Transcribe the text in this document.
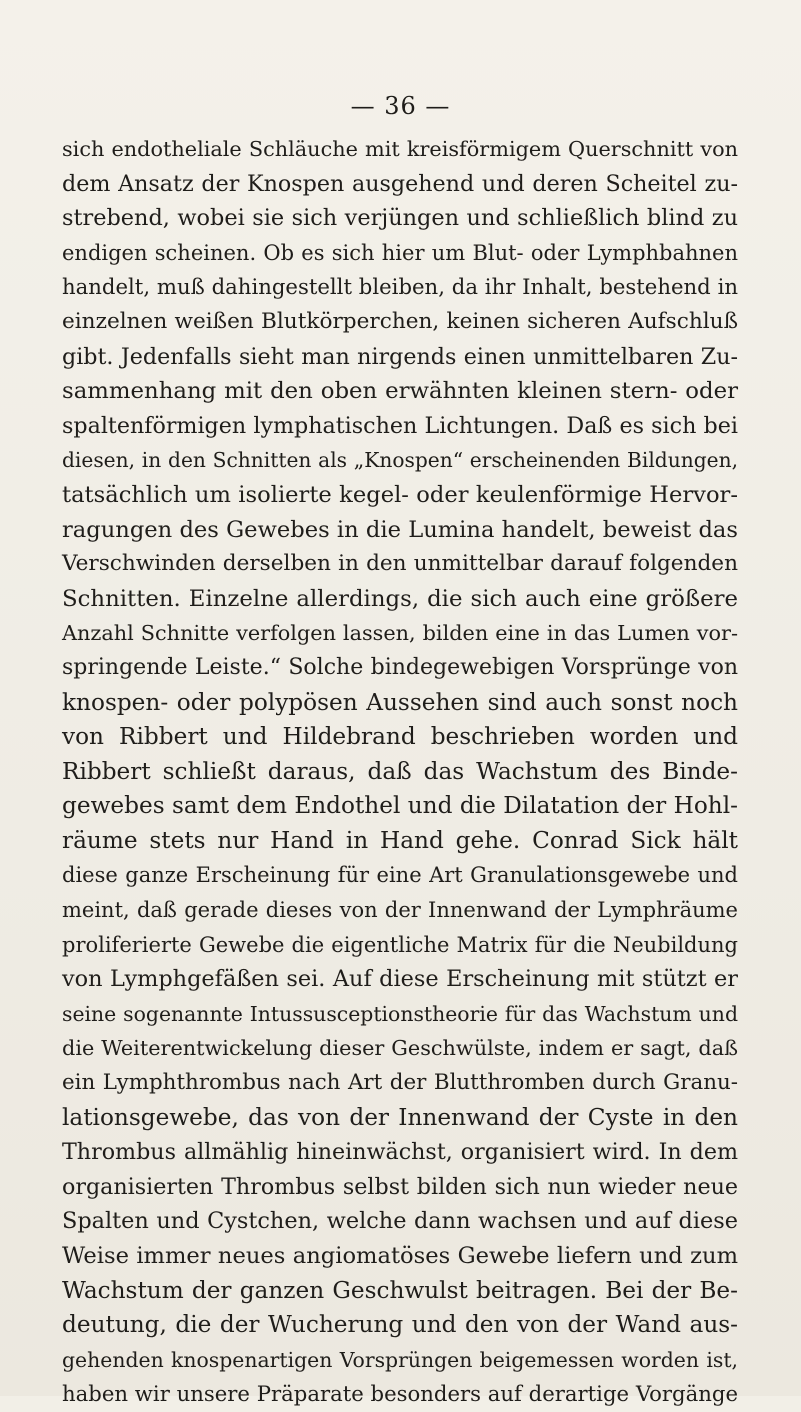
— 36 —
sich endotheliale Schläuche mit kreisförmigem Querschnitt von
dem Ansatz der Knospen ausgehend und deren Scheitel zu-
strebend, wobei sie sich verjüngen und schließlich blind zu
endigen scheinen. Ob es sich hier um Blut- oder Lymphbahnen
handelt, muß dahingestellt bleiben, da ihr Inhalt, bestehend in
einzelnen weißen Blutkörperchen, keinen sicheren Aufschluß
gibt. Jedenfalls sieht man nirgends einen unmittelbaren Zu-
sammenhang mit den oben erwähnten kleinen stern- oder
spaltenförmigen lymphatischen Lichtungen. Daß es sich bei
diesen, in den Schnitten als „Knospen“ erscheinenden Bildungen,
tatsächlich um isolierte kegel- oder keulenförmige Hervor-
ragungen des Gewebes in die Lumina handelt, beweist das
Verschwinden derselben in den unmittelbar darauf folgenden
Schnitten. Einzelne allerdings, die sich auch eine größere
Anzahl Schnitte verfolgen lassen, bilden eine in das Lumen vor-
springende Leiste.“ Solche bindegewebigen Vorsprünge von
knospen- oder polypösen Aussehen sind auch sonst noch
von Ribbert und Hildebrand beschrieben worden und
Ribbert schließt daraus, daß das Wachstum des Binde-
gewebes samt dem Endothel und die Dilatation der Hohl-
räume stets nur Hand in Hand gehe. Conrad Sick hält
diese ganze Erscheinung für eine Art Granulationsgewebe und
meint, daß gerade dieses von der Innenwand der Lymphräume
proliferierte Gewebe die eigentliche Matrix für die Neubildung
von Lymphgefäßen sei. Auf diese Erscheinung mit stützt er
seine sogenannte Intussusceptionstheorie für das Wachstum und
die Weiterentwickelung dieser Geschwülste, indem er sagt, daß
ein Lymphthrombus nach Art der Blutthromben durch Granu-
lationsgewebe, das von der Innenwand der Cyste in den
Thrombus allmählig hineinwächst, organisiert wird. In dem
organisierten Thrombus selbst bilden sich nun wieder neue
Spalten und Cystchen, welche dann wachsen und auf diese
Weise immer neues angiomatöses Gewebe liefern und zum
Wachstum der ganzen Geschwulst beitragen. Bei der Be-
deutung, die der Wucherung und den von der Wand aus-
gehenden knospenartigen Vorsprüngen beigemessen worden ist,
haben wir unsere Präparate besonders auf derartige Vorgänge
